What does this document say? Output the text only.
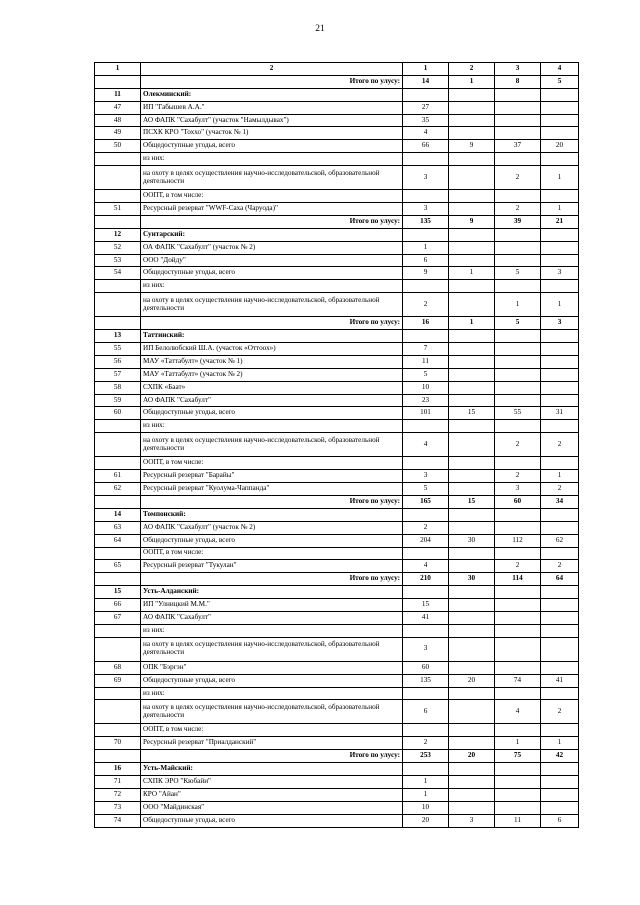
21
1	2	1	2	3	4
	Итого по улусу:	14	1	8	5
11	Олекминский:				
47	ИП "Габышев А.А."	27			
48	АО ФАПК "Сахабулт" (участок "Намылдывах")	35			
49	ПСХК КРО "Тоххо" (участок № 1)	4			
50	Общедоступные угодья, всего	66	9	37	20
	из них:				
	на охоту в целях осуществления научно-исследовательской, образовательной деятельности	3		2	1
	ООПТ, в том числе:				
51	Ресурсный резерват "WWF-Саха (Чаруода)"	3		2	1
	Итого по улусу:	135	9	39	21
12	Сунтарский:				
52	ОА ФАПК "Сахабулт" (участок № 2)	1			
53	ООО "Дойду"	6			
54	Общедоступные угодья, всего	9	1	5	3
	из них:				
	на охоту в целях осуществления научно-исследовательской, образовательной деятельности	2		1	1
	Итого по улусу:	16	1	5	3
13	Таттинский:				
55	ИП Белолюбский Ш.А. (участок «Оттоох»)	7			
56	МАУ «Таттабулт» (участок № 1)	11			
57	МАУ «Таттабулт» (участок № 2)	5			
58	СХПК «Баат»	10			
59	АО ФАПК "Сахабулт"	23			
60	Общедоступные угодья, всего	101	15	55	31
	из них:				
	на охоту в целях осуществления научно-исследовательской, образовательной деятельности	4		2	2
	ООПТ, в том числе:				
61	Ресурсный резерват "Барайы"	3		2	1
62	Ресурсный резерват "Куолума-Чаппанда"	5		3	2
	Итого по улусу:	165	15	60	34
14	Томпонский:				
63	АО ФАПК "Сахабулт" (участок № 2)	2			
64	Общедоступные угодья, всего	204	30	112	62
	ООПТ, в том числе:				
65	Ресурсный резерват "Тукулан"	4		2	2
	Итого по улусу:	210	30	114	64
15	Усть-Алданский:				
66	ИП "Улницкий М.М."	15			
67	АО ФАПК "Сахабулт"	41			
	из них:				
	на охоту в целях осуществления научно-исследовательской, образовательной деятельности	3			
68	ОПК "Бэргэн"	60			
69	Общедоступные угодья, всего	135	20	74	41
	из них:				
	на охоту в целях осуществления научно-исследовательской, образовательной деятельности	6		4	2
	ООПТ, в том числе:				
70	Ресурсный резерват "Приалданский"	2		1	1
	Итого по улусу:	253	20	75	42
16	Усть-Майский:				
71	СХПК ЭРО "Кюбайи"	1			
72	КРО "Айан"	1			
73	ООО "Майдинская"	10			
74	Общедоступные угодья, всего	20	3	11	6
